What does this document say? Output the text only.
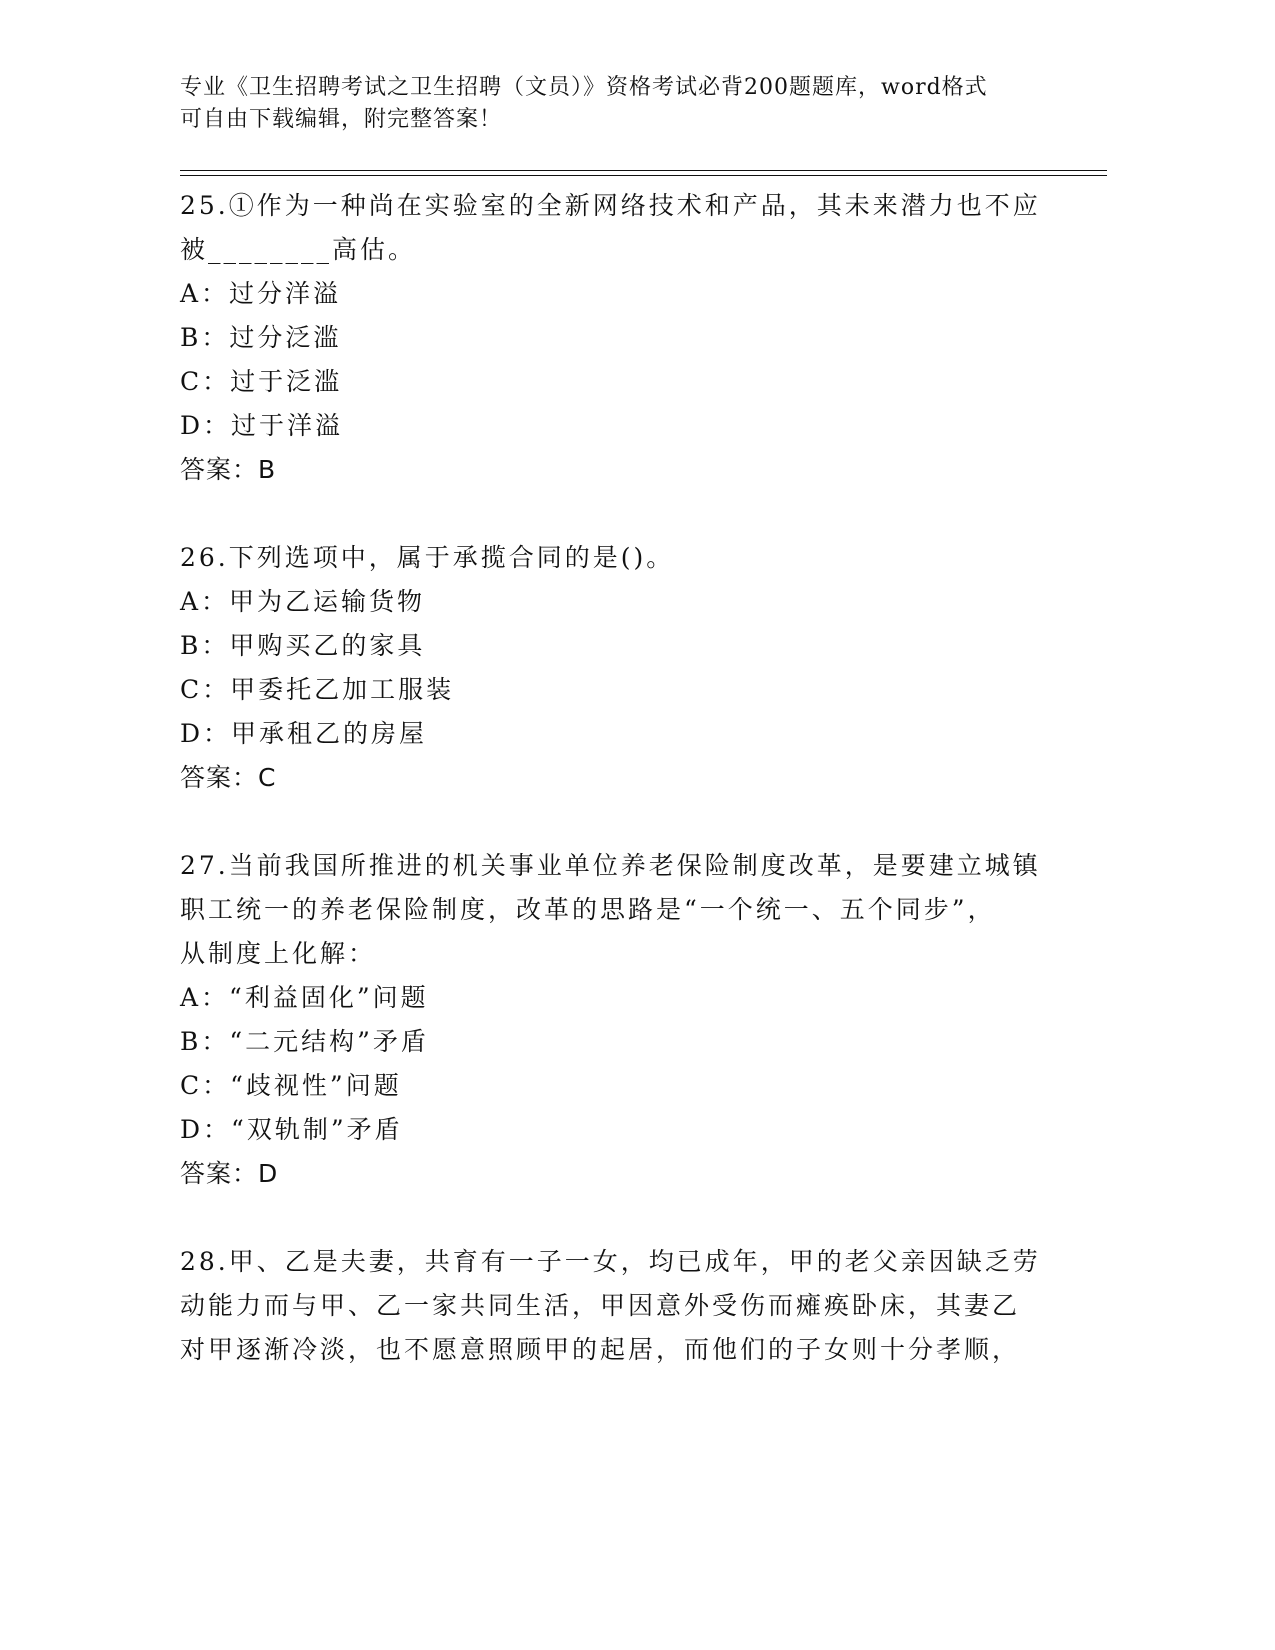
专业《卫生招聘考试之卫生招聘（文员）》资格考试必背200题题库，word格式
可自由下载编辑，附完整答案！
25.①作为一种尚在实验室的全新网络技术和产品，其未来潜力也不应
被________高估。
A：过分洋溢
B：过分泛滥
C：过于泛滥
D：过于洋溢
答案：B
26.下列选项中，属于承揽合同的是()。
A：甲为乙运输货物
B：甲购买乙的家具
C：甲委托乙加工服装
D：甲承租乙的房屋
答案：C
27.当前我国所推进的机关事业单位养老保险制度改革，是要建立城镇
职工统一的养老保险制度，改革的思路是“一个统一、五个同步”，
从制度上化解：
A：“利益固化”问题
B：“二元结构”矛盾
C：“歧视性”问题
D：“双轨制”矛盾
答案：D
28.甲、乙是夫妻，共育有一子一女，均已成年，甲的老父亲因缺乏劳
动能力而与甲、乙一家共同生活，甲因意外受伤而瘫痪卧床，其妻乙
对甲逐渐冷淡，也不愿意照顾甲的起居，而他们的子女则十分孝顺，
